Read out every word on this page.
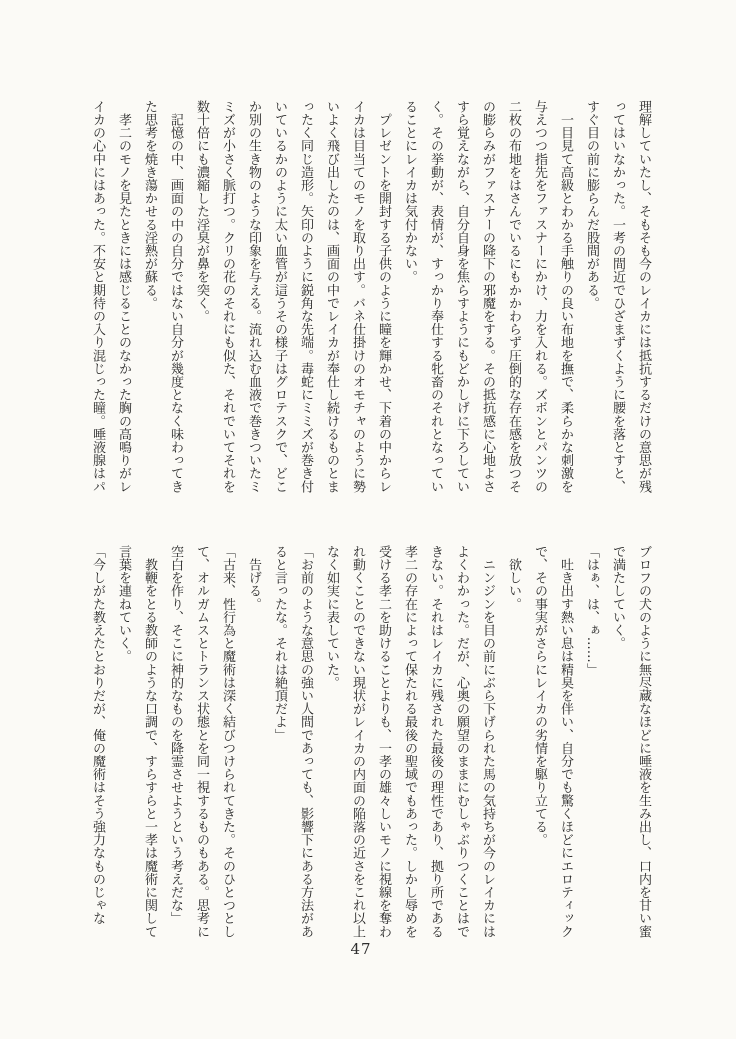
理解していたし、そもそも今のレイカには抵抗するだけの意思が残
ってはいなかった。一考の間近でひざまずくように腰を落とすと、
すぐ目の前に膨らんだ股間がある。
　一目見て高級とわかる手触りの良い布地を撫で、柔らかな刺激を
与えつつ指先をファスナーにかけ、力を入れる。ズボンとパンツの
二枚の布地をはさんでいるにもかかわらず圧倒的な存在感を放つそ
の膨らみがファスナーの降下の邪魔をする。その抵抗感に心地よさ
すら覚えながら、自分自身を焦らすようにもどかしげに下ろしてい
く。その挙動が、表情が、すっかり奉仕する牝畜のそれとなってい
ることにレイカは気付かない。
　プレゼントを開封する子供のように瞳を輝かせ、下着の中からレ
イカは目当てのモノを取り出す。バネ仕掛けのオモチャのように勢
いよく飛び出したのは、画面の中でレイカが奉仕し続けるものとま
ったく同じ造形。矢印のように鋭角な先端。毒蛇にミミズが巻き付
いているかのように太い血管が這うその様子はグロテスクで、どこ
か別の生き物のような印象を与える。流れ込む血液で巻きついたミ
ミズが小さく脈打つ。クリの花のそれにも似た、それでいてそれを
数十倍にも濃縮した淫臭が鼻を突く。
　記憶の中、画面の中の自分ではない自分が幾度となく味わってき
た思考を焼き蕩かせる淫熱が蘇る。
　孝二のモノを見たときには感じることのなかった胸の高鳴りがレ
イカの心中にはあった。不安と期待の入り混じった瞳。唾液腺はパ
ブロフの犬のように無尽蔵なほどに唾液を生み出し、口内を甘い蜜
で満たしていく。
「はぁ、は、ぁ……」
　吐き出す熱い息は精臭を伴い、自分でも驚くほどにエロティック
で、その事実がさらにレイカの劣情を駆り立てる。
　欲しい。
　ニンジンを目の前にぶら下げられた馬の気持ちが今のレイカには
よくわかった。だが、心奥の願望のままにむしゃぶりつくことはで
きない。それはレイカに残された最後の理性であり、拠り所である
孝二の存在によって保たれる最後の聖域でもあった。しかし辱めを
受ける孝二を助けることよりも、一孝の雄々しいモノに視線を奪わ
れ動くことのできない現状がレイカの内面の陥落の近さをこれ以上
なく如実に表していた。
「お前のような意思の強い人間であっても、影響下にある方法があ
ると言ったな。それは絶頂だよ」
　告げる。
「古来、性行為と魔術は深く結びつけられてきた。そのひとつとし
て、オルガムスとトランス状態とを同一視するものもある。思考に
空白を作り、そこに神的なものを降霊させようという考えだな」
　教鞭をとる教師のような口調で、すらすらと一孝は魔術に関して
言葉を連ねていく。
「今しがた教えたとおりだが、俺の魔術はそう強力なものじゃな
47
